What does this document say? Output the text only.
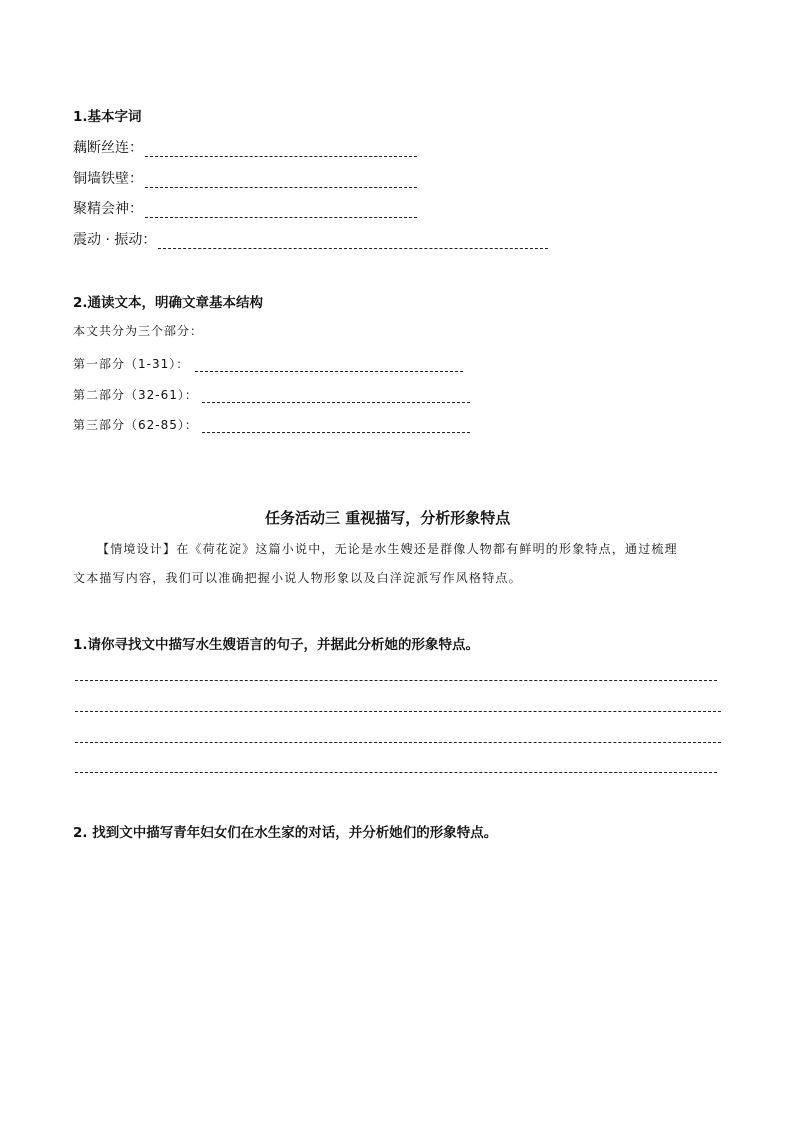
1.基本字词
藕断丝连：
铜墙铁壁：
聚精会神：
震动 · 振动：
2.通读文本，明确文章基本结构
本文共分为三个部分：
第一部分（1-31）：
第二部分（32-61）：
第三部分（62-85）：
任务活动三 重视描写，分析形象特点
【情境设计】在《荷花淀》这篇小说中，无论是水生嫂还是群像人物都有鲜明的形象特点，通过梳理
文本描写内容，我们可以准确把握小说人物形象以及白洋淀派写作风格特点。
1.请你寻找文中描写水生嫂语言的句子，并据此分析她的形象特点。
2. 找到文中描写青年妇女们在水生家的对话，并分析她们的形象特点。
